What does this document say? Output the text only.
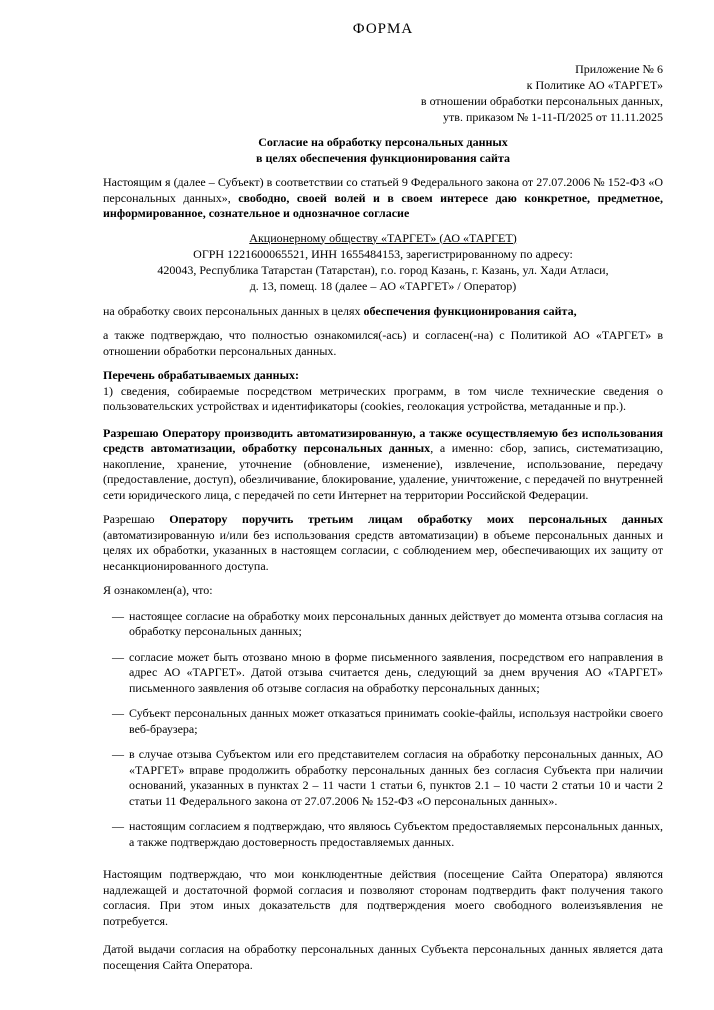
ФОРМА
Приложение № 6
к Политике АО «ТАРГЕТ»
в отношении обработки персональных данных,
утв. приказом № 1-11-П/2025 от 11.11.2025
Согласие на обработку персональных данных
в целях обеспечения функционирования сайта
Настоящим я (далее – Субъект) в соответствии со статьей 9 Федерального закона от 27.07.2006 № 152-ФЗ «О персональных данных», свободно, своей волей и в своем интересе даю конкретное, предметное, информированное, сознательное и однозначное согласие
Акционерному обществу «ТАРГЕТ» (АО «ТАРГЕТ)
ОГРН 1221600065521, ИНН 1655484153, зарегистрированному по адресу:
420043, Республика Татарстан (Татарстан), г.о. город Казань, г. Казань, ул. Хади Атласи,
д. 13, помещ. 18 (далее – АО «ТАРГЕТ» / Оператор)
на обработку своих персональных данных в целях обеспечения функционирования сайта,
а также подтверждаю, что полностью ознакомился(-ась) и согласен(-на) с Политикой АО «ТАРГЕТ» в отношении обработки персональных данных.
Перечень обрабатываемых данных:
1) сведения, собираемые посредством метрических программ, в том числе технические сведения о пользовательских устройствах и идентификаторы (cookies, геолокация устройства, метаданные и пр.).
Разрешаю Оператору производить автоматизированную, а также осуществляемую без использования средств автоматизации, обработку персональных данных, а именно: сбор, запись, систематизацию, накопление, хранение, уточнение (обновление, изменение), извлечение, использование, передачу (предоставление, доступ), обезличивание, блокирование, удаление, уничтожение, с передачей по внутренней сети юридического лица, с передачей по сети Интернет на территории Российской Федерации.
Разрешаю Оператору поручить третьим лицам обработку моих персональных данных (автоматизированную и/или без использования средств автоматизации) в объеме персональных данных и целях их обработки, указанных в настоящем согласии, с соблюдением мер, обеспечивающих их защиту от несанкционированного доступа.
Я ознакомлен(а), что:
— настоящее согласие на обработку моих персональных данных действует до момента отзыва согласия на обработку персональных данных;
— согласие может быть отозвано мною в форме письменного заявления, посредством его направления в адрес АО «ТАРГЕТ». Датой отзыва считается день, следующий за днем вручения АО «ТАРГЕТ» письменного заявления об отзыве согласия на обработку персональных данных;
— Субъект персональных данных может отказаться принимать cookie-файлы, используя настройки своего веб-браузера;
— в случае отзыва Субъектом или его представителем согласия на обработку персональных данных, АО «ТАРГЕТ» вправе продолжить обработку персональных данных без согласия Субъекта при наличии оснований, указанных в пунктах 2 – 11 части 1 статьи 6, пунктов 2.1 – 10 части 2 статьи 10 и части 2 статьи 11 Федерального закона от 27.07.2006 № 152-ФЗ «О персональных данных».
— настоящим согласием я подтверждаю, что являюсь Субъектом предоставляемых персональных данных, а также подтверждаю достоверность предоставляемых данных.
Настоящим подтверждаю, что мои конклюдентные действия (посещение Сайта Оператора) являются надлежащей и достаточной формой согласия и позволяют сторонам подтвердить факт получения такого согласия. При этом иных доказательств для подтверждения моего свободного волеизъявления не потребуется.
Датой выдачи согласия на обработку персональных данных Субъекта персональных данных является дата посещения Сайта Оператора.
